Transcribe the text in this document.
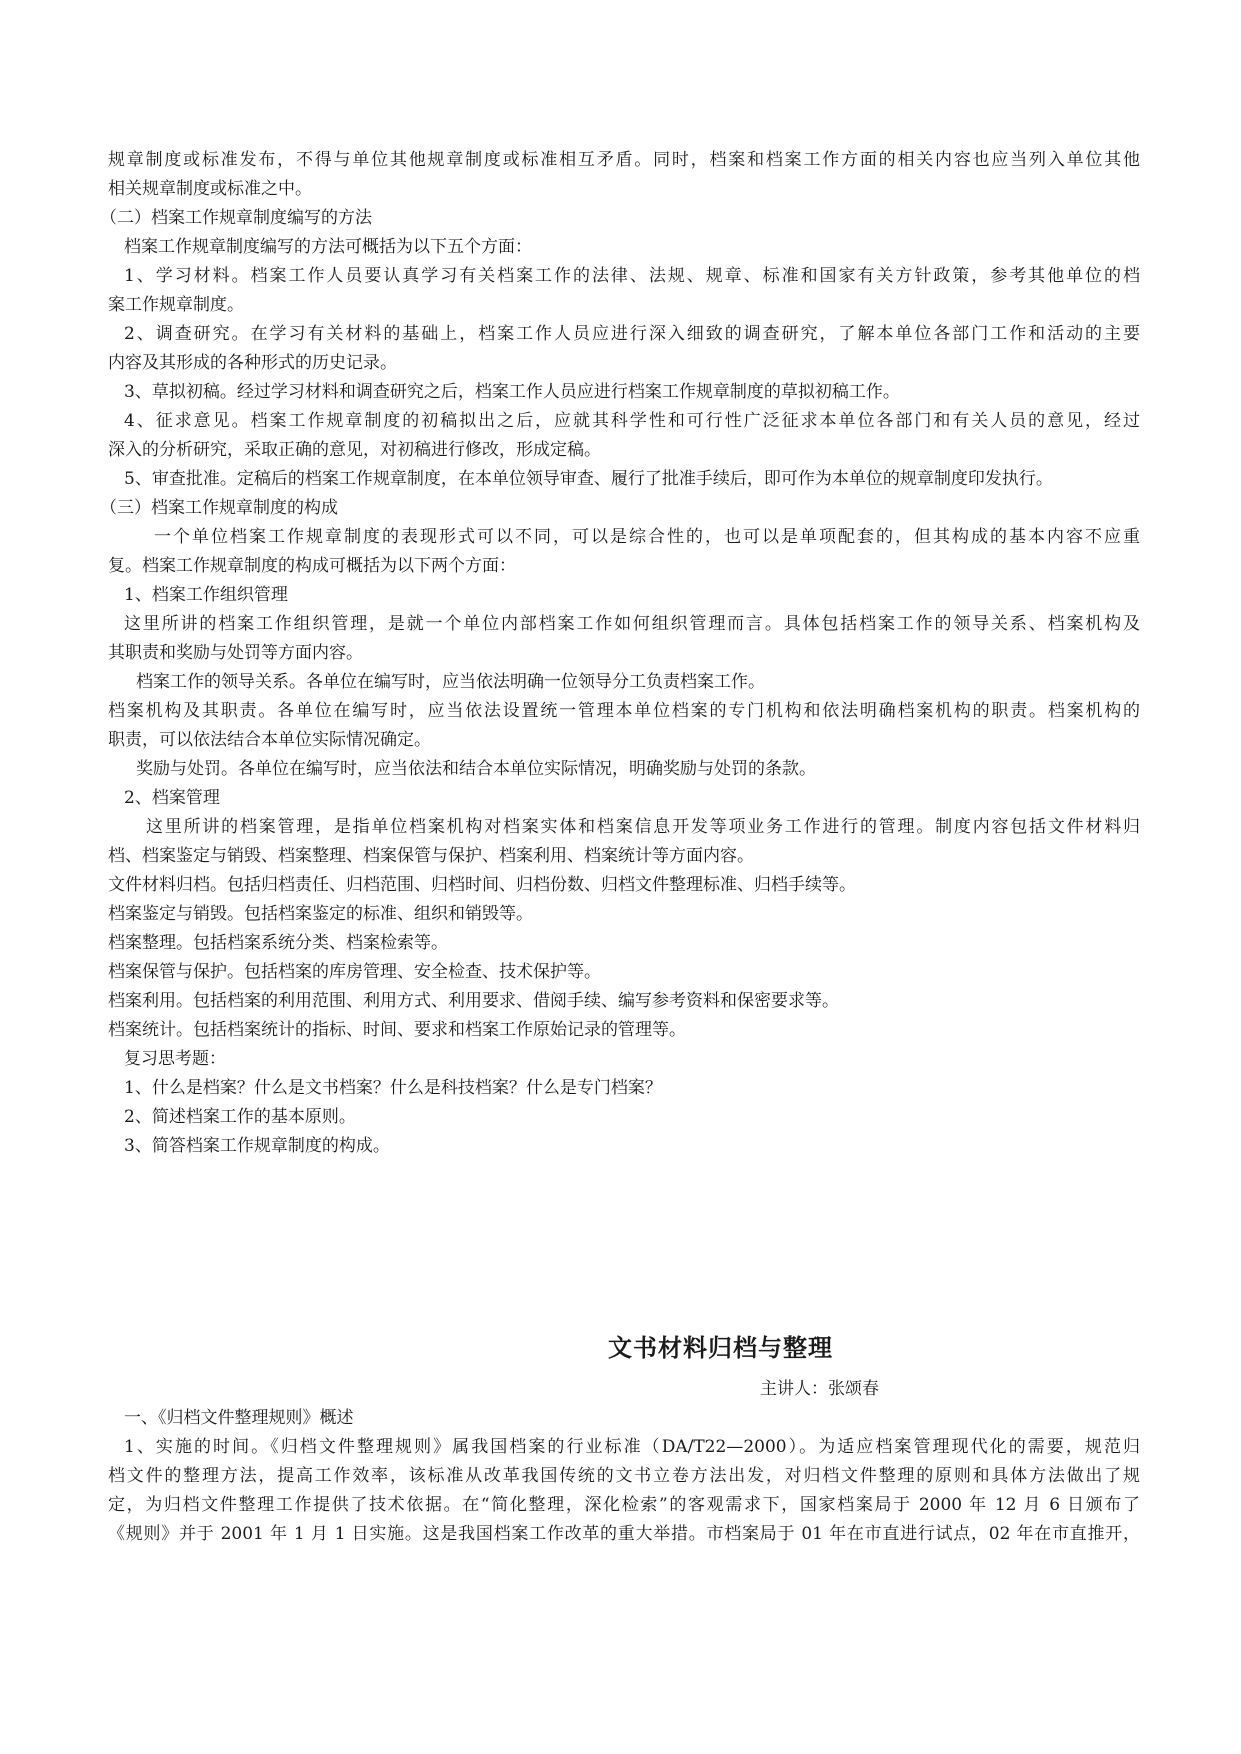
规章制度或标准发布，不得与单位其他规章制度或标准相互矛盾。同时，档案和档案工作方面的相关内容也应当列入单位其他
相关规章制度或标准之中。
（二）档案工作规章制度编写的方法
档案工作规章制度编写的方法可概括为以下五个方面：
1、学习材料。档案工作人员要认真学习有关档案工作的法律、法规、规章、标准和国家有关方针政策，参考其他单位的档
案工作规章制度。
2、调查研究。在学习有关材料的基础上，档案工作人员应进行深入细致的调查研究，了解本单位各部门工作和活动的主要
内容及其形成的各种形式的历史记录。
3、草拟初稿。经过学习材料和调查研究之后，档案工作人员应进行档案工作规章制度的草拟初稿工作。
4、征求意见。档案工作规章制度的初稿拟出之后，应就其科学性和可行性广泛征求本单位各部门和有关人员的意见，经过
深入的分析研究，采取正确的意见，对初稿进行修改，形成定稿。
5、审查批准。定稿后的档案工作规章制度，在本单位领导审查、履行了批准手续后，即可作为本单位的规章制度印发执行。
（三）档案工作规章制度的构成
一个单位档案工作规章制度的表现形式可以不同，可以是综合性的，也可以是单项配套的，但其构成的基本内容不应重
复。档案工作规章制度的构成可概括为以下两个方面：
1、档案工作组织管理
这里所讲的档案工作组织管理，是就一个单位内部档案工作如何组织管理而言。具体包括档案工作的领导关系、档案机构及
其职责和奖励与处罚等方面内容。
档案工作的领导关系。各单位在编写时，应当依法明确一位领导分工负责档案工作。
档案机构及其职责。各单位在编写时，应当依法设置统一管理本单位档案的专门机构和依法明确档案机构的职责。档案机构的
职责，可以依法结合本单位实际情况确定。
奖励与处罚。各单位在编写时，应当依法和结合本单位实际情况，明确奖励与处罚的条款。
2、档案管理
这里所讲的档案管理，是指单位档案机构对档案实体和档案信息开发等项业务工作进行的管理。制度内容包括文件材料归
档、档案鉴定与销毁、档案整理、档案保管与保护、档案利用、档案统计等方面内容。
文件材料归档。包括归档责任、归档范围、归档时间、归档份数、归档文件整理标准、归档手续等。
档案鉴定与销毁。包括档案鉴定的标准、组织和销毁等。
档案整理。包括档案系统分类、档案检索等。
档案保管与保护。包括档案的库房管理、安全检查、技术保护等。
档案利用。包括档案的利用范围、利用方式、利用要求、借阅手续、编写参考资料和保密要求等。
档案统计。包括档案统计的指标、时间、要求和档案工作原始记录的管理等。
复习思考题：
1、什么是档案？什么是文书档案？什么是科技档案？什么是专门档案？
2、简述档案工作的基本原则。
3、简答档案工作规章制度的构成。
文书材料归档与整理
主讲人：张颂春
一、《归档文件整理规则》概述
1、实施的时间。《归档文件整理规则》属我国档案的行业标准（DA/T22—2000）。为适应档案管理现代化的需要，规范归
档文件的整理方法，提高工作效率，该标准从改革我国传统的文书立卷方法出发，对归档文件整理的原则和具体方法做出了规
定，为归档文件整理工作提供了技术依据。在“简化整理，深化检索”的客观需求下，国家档案局于 2000 年 12 月 6 日颁布了
《规则》并于 2001 年 1 月 1 日实施。这是我国档案工作改革的重大举措。市档案局于 01 年在市直进行试点，02 年在市直推开，
